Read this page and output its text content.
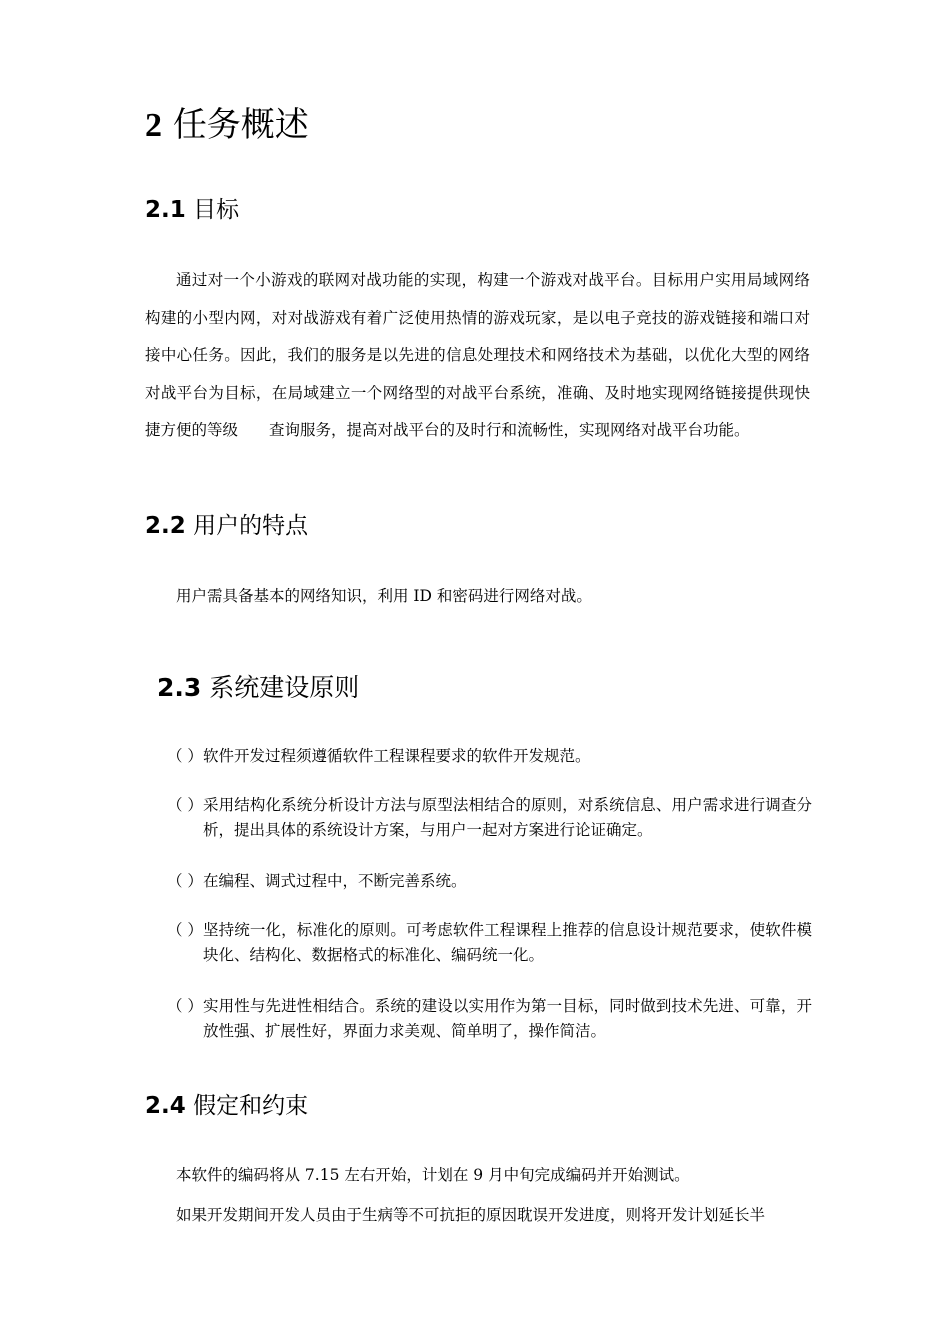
2 任务概述
2.1 目标

通过对一个小游戏的联网对战功能的实现，构建一个游戏对战平台。目标用户实用局域网络构建的小型内网，对对战游戏有着广泛使用热情的游戏玩家，是以电子竞技的游戏链接和端口对接中心任务。因此，我们的服务是以先进的信息处理技术和网络技术为基础，以优化大型的网络对战平台为目标，在局域建立一个网络型的对战平台系统，准确、及时地实现网络链接提供现快捷方便的等级　　查询服务，提高对战平台的及时行和流畅性，实现网络对战平台功能。

2.2 用户的特点

用户需具备基本的网络知识，利用 ID 和密码进行网络对战。

2.3 系统建设原则
（ ） 软件开发过程须遵循软件工程课程要求的软件开发规范。
（ ） 采用结构化系统分析设计方法与原型法相结合的原则，对系统信息、用户需求进行调查分析，提出具体的系统设计方案，与用户一起对方案进行论证确定。
（ ） 在编程、调式过程中，不断完善系统。
（ ） 坚持统一化，标准化的原则。可考虑软件工程课程上推荐的信息设计规范要求，使软件模块化、结构化、数据格式的标准化、编码统一化。
（ ） 实用性与先进性相结合。系统的建设以实用作为第一目标，同时做到技术先进、可靠，开放性强、扩展性好，界面力求美观、简单明了，操作简洁。
2.4 假定和约束

本软件的编码将从 7.15 左右开始，计划在 9 月中旬完成编码并开始测试。

如果开发期间开发人员由于生病等不可抗拒的原因耽误开发进度，则将开发计划延长半
